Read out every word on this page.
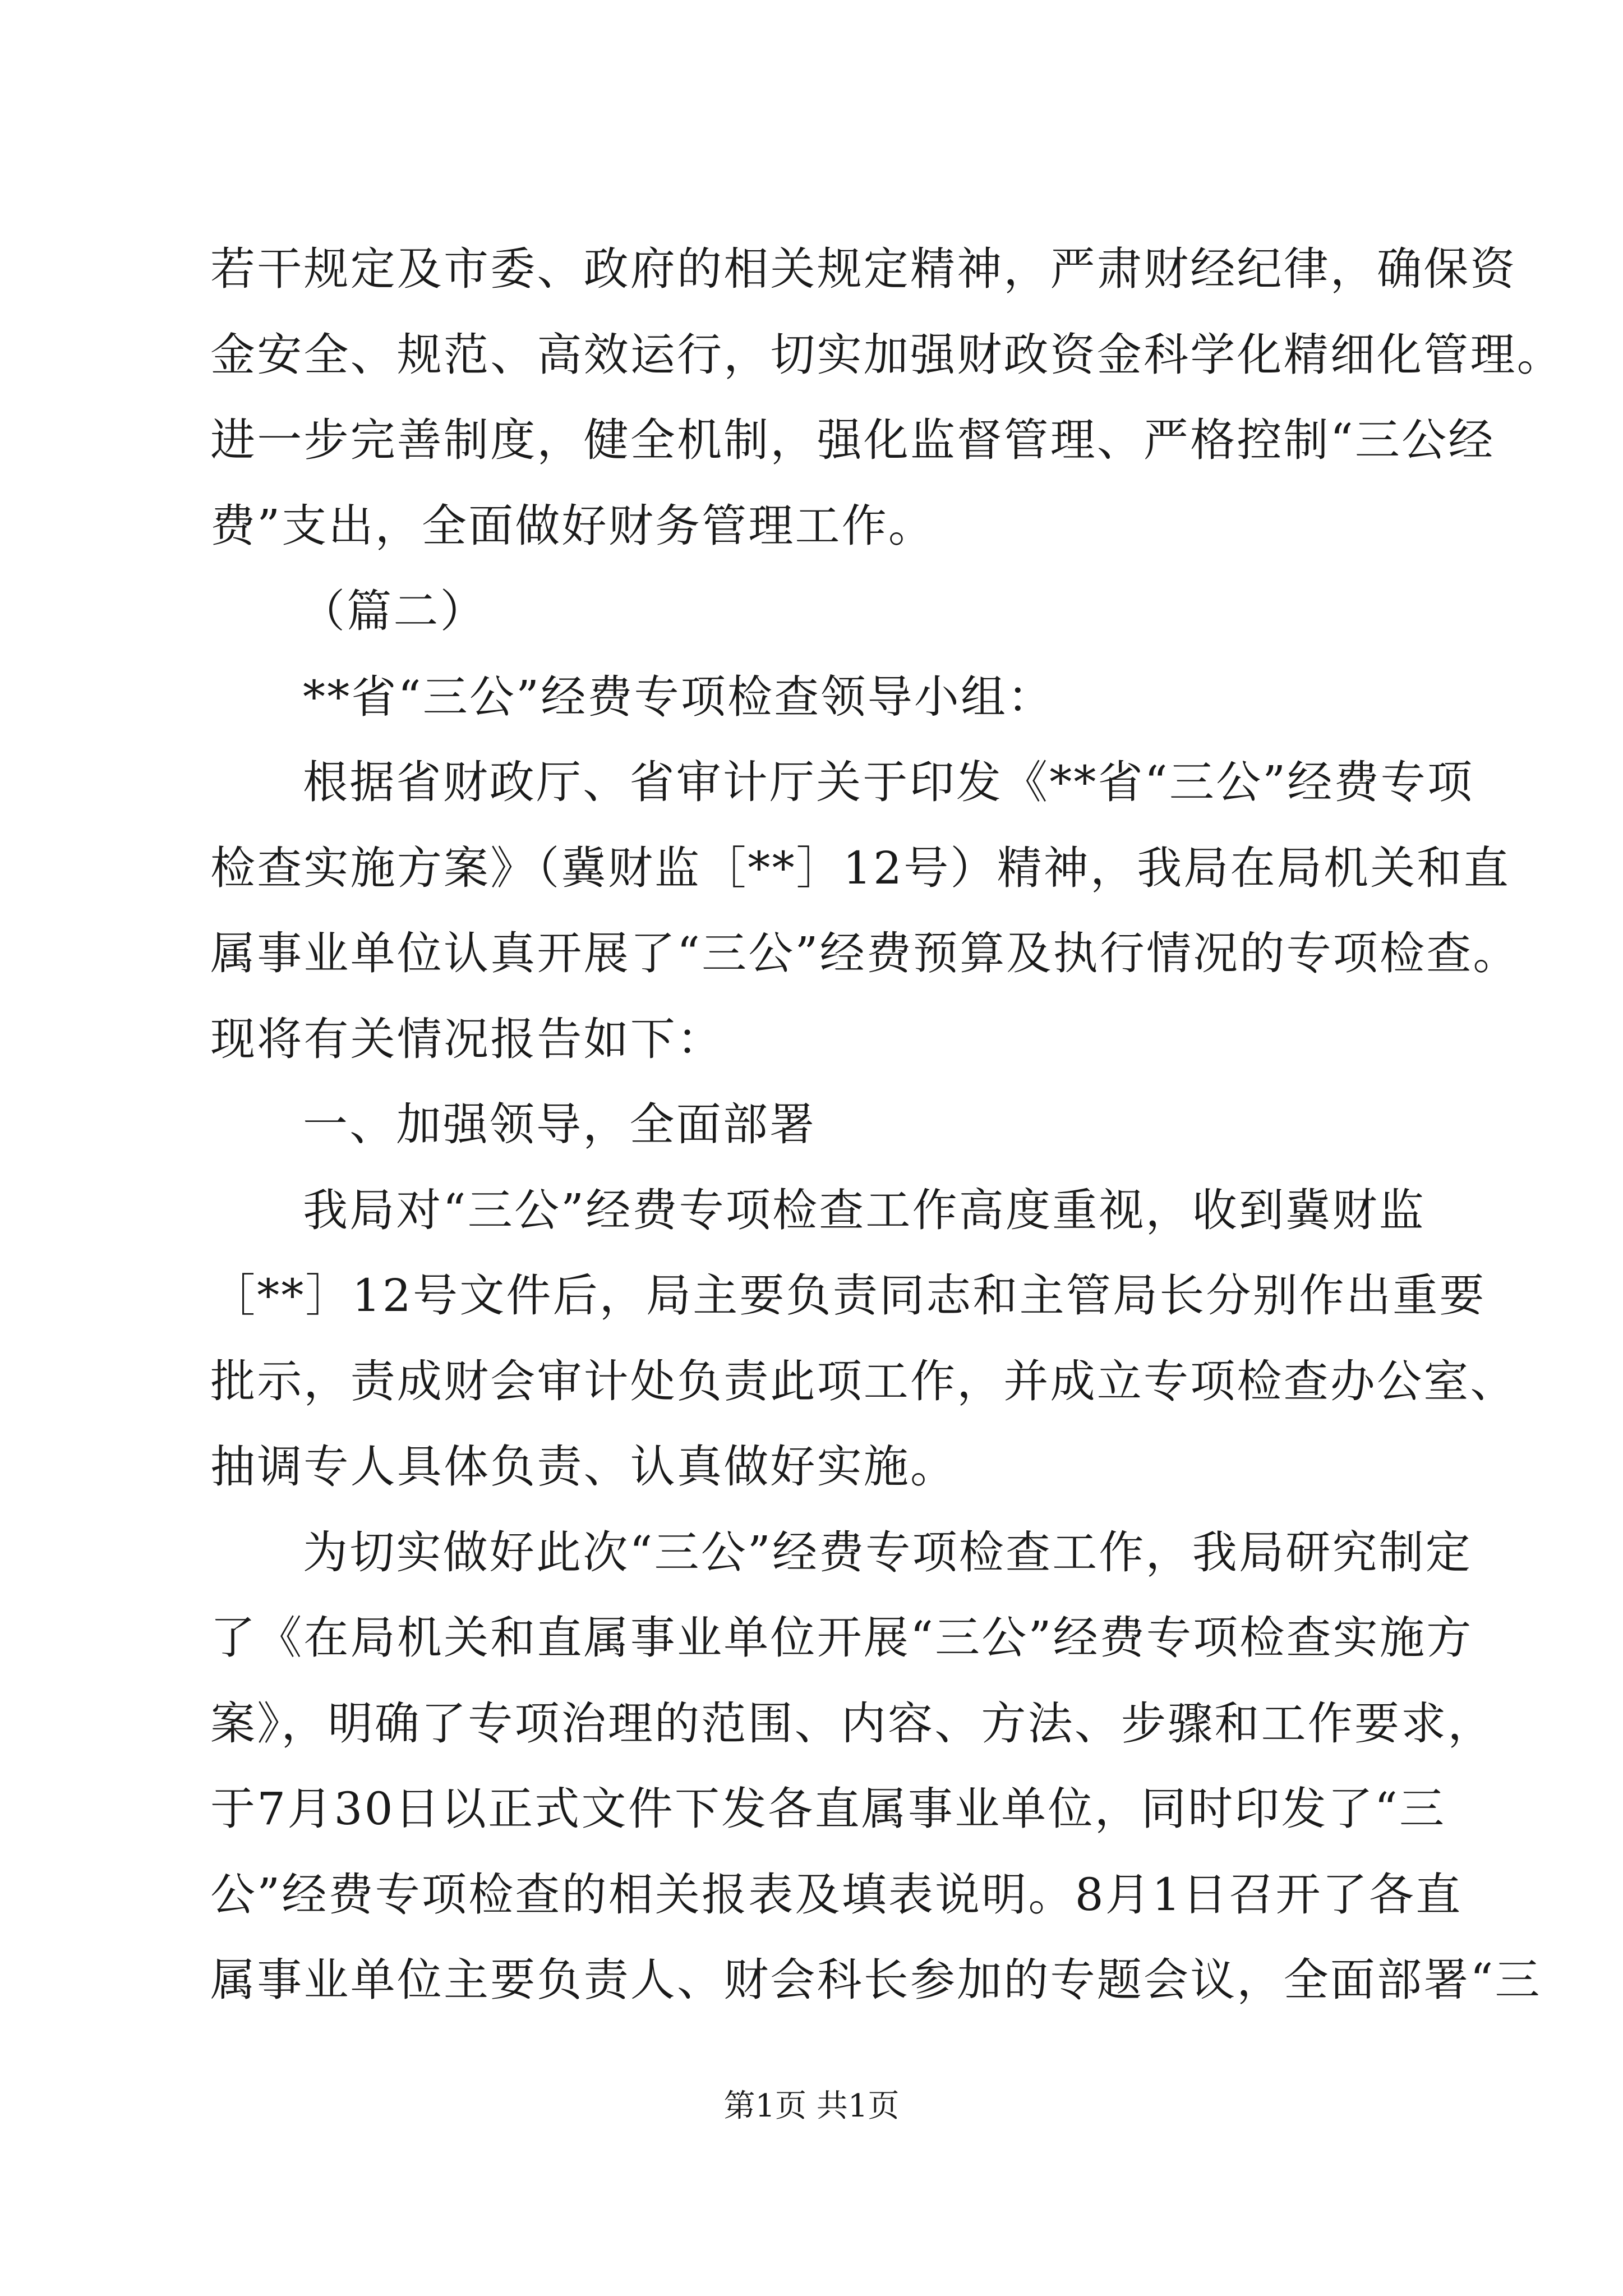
若干规定及市委、政府的相关规定精神，严肃财经纪律，确保资
金安全、规范、高效运行，切实加强财政资金科学化精细化管理。
进一步完善制度，健全机制，强化监督管理、严格控制“三公经
费”支出，全面做好财务管理工作。
（篇二）
**省“三公”经费专项检查领导小组：
根据省财政厅、省审计厅关于印发《**省“三公”经费专项
检查实施方案》（冀财监［**］12号）精神，我局在局机关和直
属事业单位认真开展了“三公”经费预算及执行情况的专项检查。
现将有关情况报告如下：
一、加强领导，全面部署
我局对“三公”经费专项检查工作高度重视，收到冀财监
［**］12号文件后，局主要负责同志和主管局长分别作出重要
批示，责成财会审计处负责此项工作，并成立专项检查办公室、
抽调专人具体负责、认真做好实施。
为切实做好此次“三公”经费专项检查工作，我局研究制定
了《在局机关和直属事业单位开展“三公”经费专项检查实施方
案》，明确了专项治理的范围、内容、方法、步骤和工作要求，
于7月30日以正式文件下发各直属事业单位，同时印发了“三
公”经费专项检查的相关报表及填表说明。8月1日召开了各直
属事业单位主要负责人、财会科长参加的专题会议，全面部署“三
第1页 共1页
